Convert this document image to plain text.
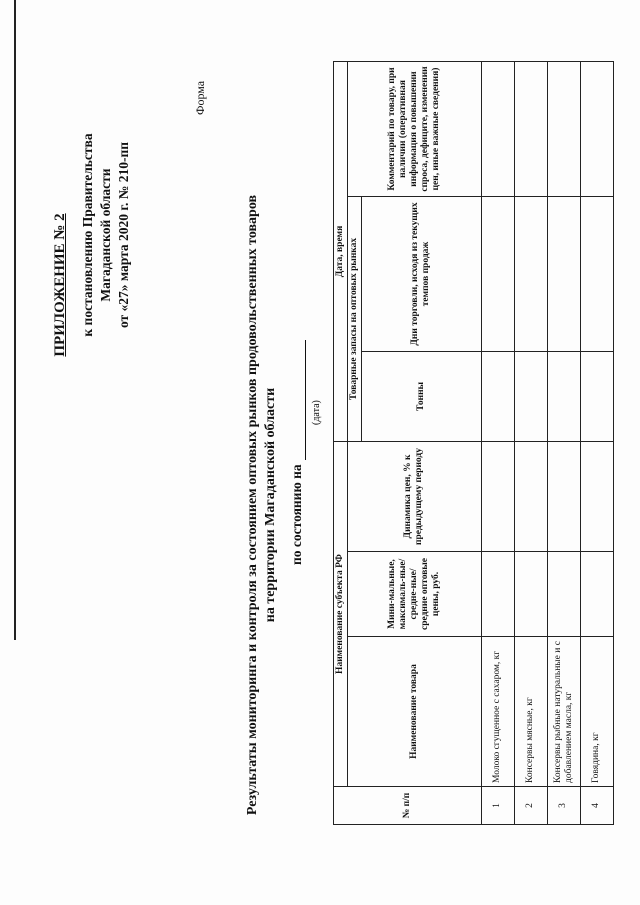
ПРИЛОЖЕНИЕ № 2 к постановлению Правительства Магаданской области от «27» марта 2020 г. № 210-пп
Форма
Результаты мониторинга и контроля за состоянием оптовых рынков продовольственных товаров на территории Магаданской области по состоянию на
(дата)
№ п/п	Наименование субъекта РФ			Дата, время		
	Наименование товара	Мини-мальные, максималь-ные/средне-ные/средние оптовые цены, руб.	Динамика цен, % к предыдущему периоду	Товарные запасы на оптовых рынках		Комментарий по товару, при наличии (оперативная информация о повышении спроса, дефиците, изменении цен, иные важные сведения)
				Тонны	Дни торговли, исходя из текущих темпов продаж	
1	Молоко сгущенное с сахаром, кг					
2	Консервы мясные, кг					
3	Консервы рыбные натуральные и с добавлением масла, кг					
4	Говядина, кг					
